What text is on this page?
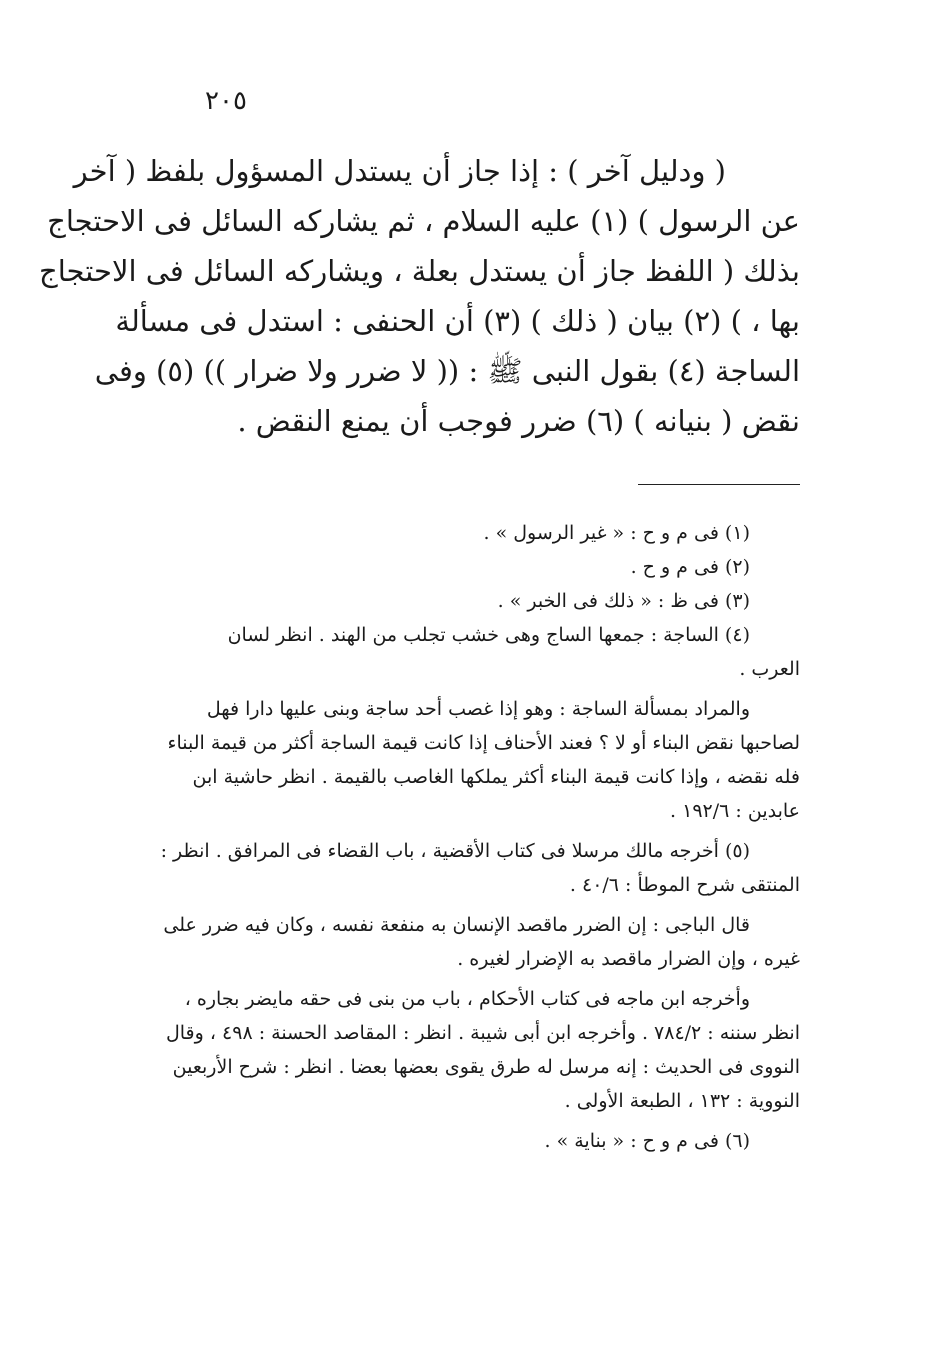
٢٠٥
( ودليل آخر ) : إذا جاز أن يستدل المسؤول بلفظ ( آخر
عن الرسول ) (١) عليه السلام ، ثم يشاركه السائل فى الاحتجاج
بذلك ( اللفظ جاز أن يستدل بعلة ، ويشاركه السائل فى الاحتجاج
بها ، ) (٢) بيان ( ذلك ) (٣) أن الحنفى : استدل فى مسألة
الساجة (٤) بقول النبى ﷺ : (( لا ضرر ولا ضرار )) (٥) وفى
نقض ( بنيانه ) (٦) ضرر فوجب أن يمنع النقض .
(١) فى م و ح : « غير الرسول » .
(٢) فى م و ح .
(٣) فى ظ : « ذلك فى الخبر » .
(٤) الساجة : جمعها الساج وهى خشب تجلب من الهند . انظر لسان
العرب .
والمراد بمسألة الساجة : وهو إذا غصب أحد ساجة وبنى عليها دارا فهل
لصاحبها نقض البناء أو لا ؟ فعند الأحناف إذا كانت قيمة الساجة أكثر من قيمة البناء
فله نقضه ، وإذا كانت قيمة البناء أكثر يملكها الغاصب بالقيمة . انظر حاشية ابن
عابدين : ١٩٢/٦ .
(٥) أخرجه مالك مرسلا فى كتاب الأقضية ، باب القضاء فى المرافق . انظر :
المنتقى شرح الموطأ : ٤٠/٦ .
قال الباجى : إن الضرر ماقصد الإنسان به منفعة نفسه ، وكان فيه ضرر على
غيره ، وإن الضرار ماقصد به الإضرار لغيره .
وأخرجه ابن ماجه فى كتاب الأحكام ، باب من بنى فى حقه مايضر بجاره ،
انظر سننه : ٧٨٤/٢ . وأخرجه ابن أبى شيبة . انظر : المقاصد الحسنة : ٤٩٨ ، وقال
النووى فى الحديث : إنه مرسل له طرق يقوى بعضها بعضا . انظر : شرح الأربعين
النووية : ١٣٢ ، الطبعة الأولى .
(٦) فى م و ح : « بناية » .
